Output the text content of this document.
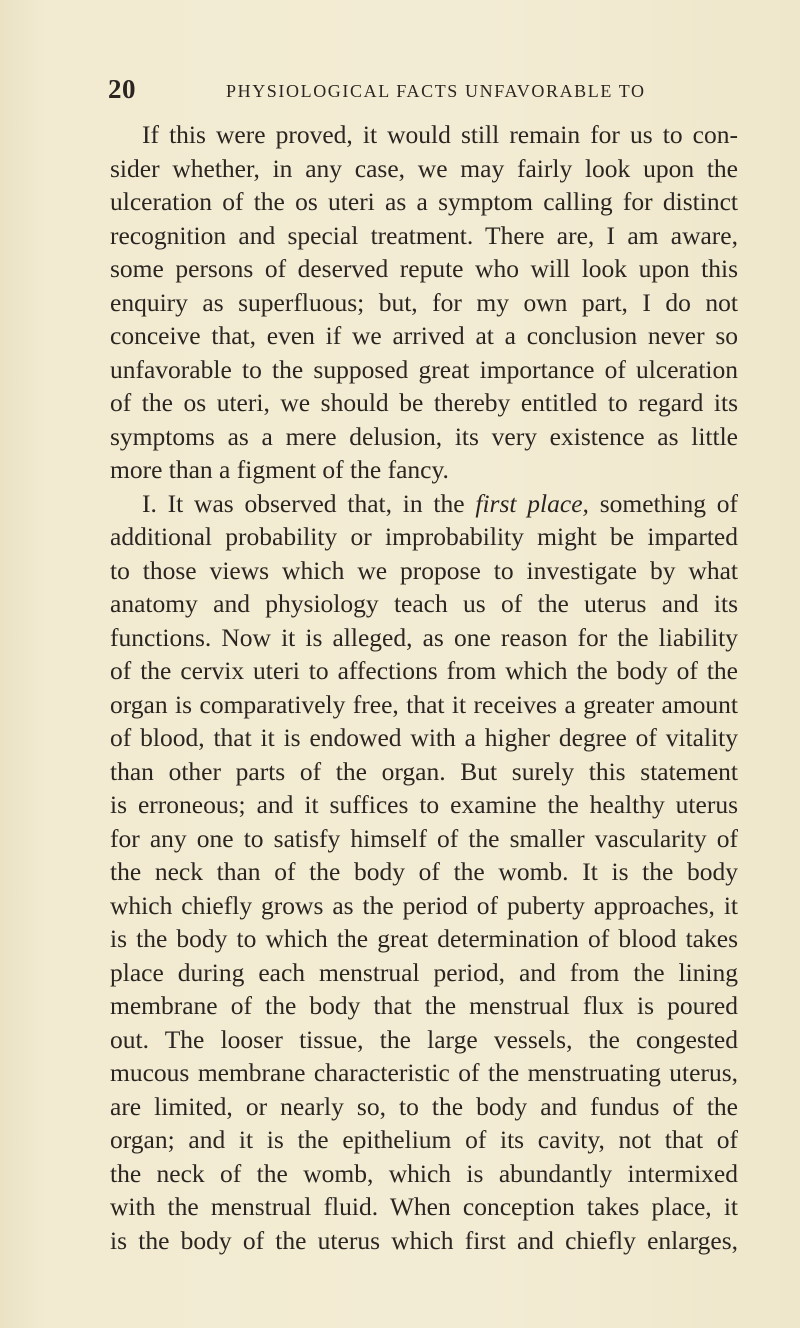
20	PHYSIOLOGICAL FACTS UNFAVORABLE TO
If this were proved, it would still remain for us to con-
sider whether, in any case, we may fairly look upon the
ulceration of the os uteri as a symptom calling for distinct
recognition and special treatment. There are, I am aware,
some persons of deserved repute who will look upon this
enquiry as superfluous; but, for my own part, I do not
conceive that, even if we arrived at a conclusion never so
unfavorable to the supposed great importance of ulceration
of the os uteri, we should be thereby entitled to regard its
symptoms as a mere delusion, its very existence as little
more than a figment of the fancy.
I. It was observed that, in the first place, something of
additional probability or improbability might be imparted
to those views which we propose to investigate by what
anatomy and physiology teach us of the uterus and its
functions. Now it is alleged, as one reason for the liability
of the cervix uteri to affections from which the body of the
organ is comparatively free, that it receives a greater amount
of blood, that it is endowed with a higher degree of vitality
than other parts of the organ. But surely this statement
is erroneous; and it suffices to examine the healthy uterus
for any one to satisfy himself of the smaller vascularity of
the neck than of the body of the womb. It is the body
which chiefly grows as the period of puberty approaches, it
is the body to which the great determination of blood takes
place during each menstrual period, and from the lining
membrane of the body that the menstrual flux is poured
out. The looser tissue, the large vessels, the congested
mucous membrane characteristic of the menstruating uterus,
are limited, or nearly so, to the body and fundus of the
organ; and it is the epithelium of its cavity, not that of
the neck of the womb, which is abundantly intermixed
with the menstrual fluid. When conception takes place, it
is the body of the uterus which first and chiefly enlarges,
